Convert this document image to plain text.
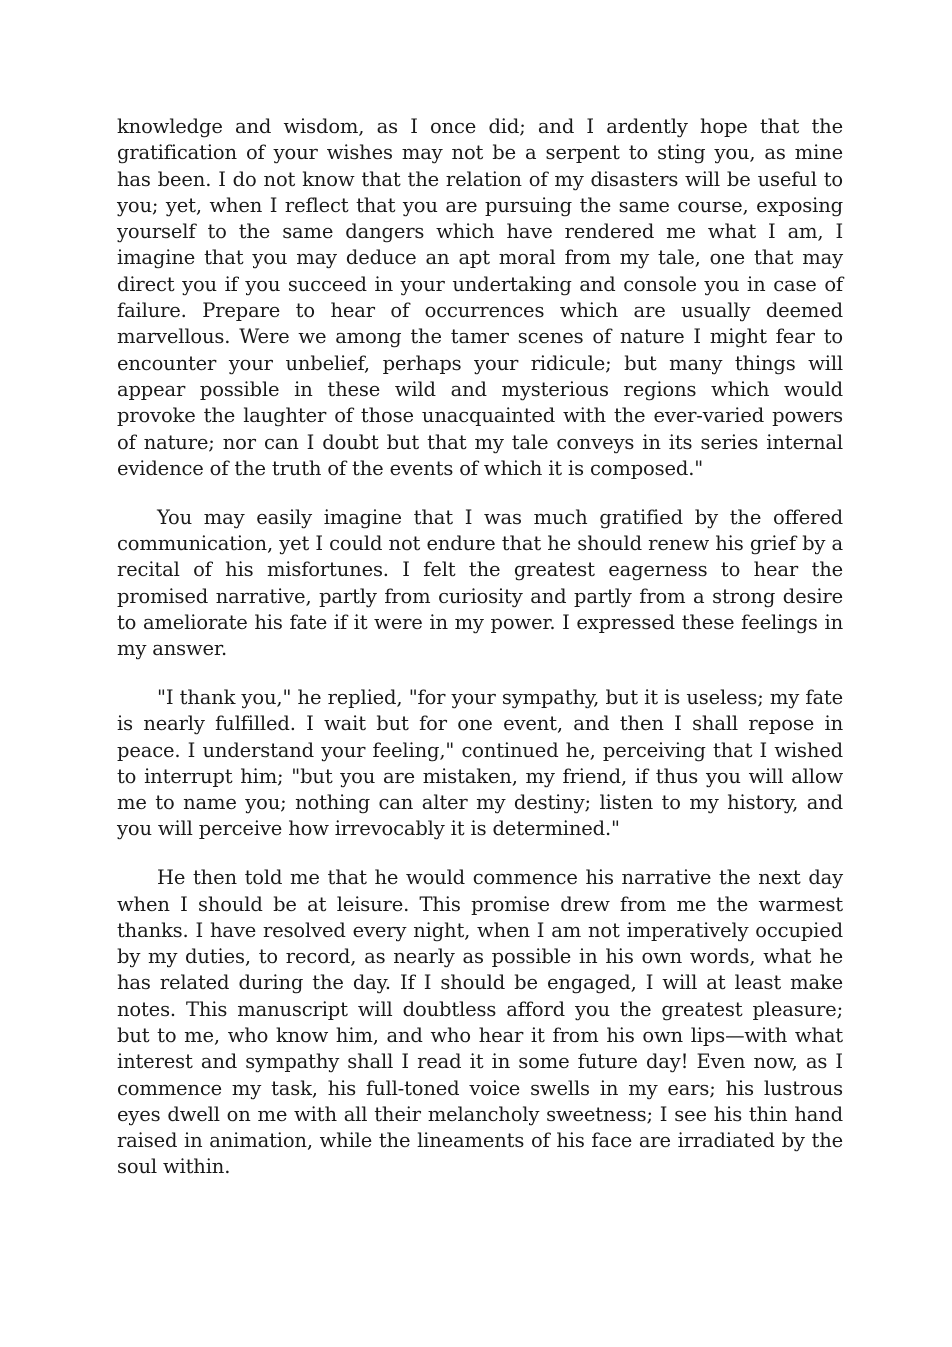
knowledge and wisdom, as I once did; and I ardently hope that the gratification of your wishes may not be a serpent to sting you, as mine has been. I do not know that the relation of my disasters will be useful to you; yet, when I reflect that you are pursuing the same course, exposing yourself to the same dangers which have rendered me what I am, I imagine that you may deduce an apt moral from my tale, one that may direct you if you succeed in your undertaking and console you in case of failure. Prepare to hear of occurrences which are usually deemed marvellous. Were we among the tamer scenes of nature I might fear to encounter your unbelief, perhaps your ridicule; but many things will appear possible in these wild and mysterious regions which would provoke the laughter of those unacquainted with the ever-varied powers of nature; nor can I doubt but that my tale conveys in its series internal evidence of the truth of the events of which it is composed."

You may easily imagine that I was much gratified by the offered communication, yet I could not endure that he should renew his grief by a recital of his misfortunes. I felt the greatest eagerness to hear the promised narrative, partly from curiosity and partly from a strong desire to ameliorate his fate if it were in my power. I expressed these feelings in my answer.

"I thank you," he replied, "for your sympathy, but it is useless; my fate is nearly fulfilled. I wait but for one event, and then I shall repose in peace. I understand your feeling," continued he, perceiving that I wished to interrupt him; "but you are mistaken, my friend, if thus you will allow me to name you; nothing can alter my destiny; listen to my history, and you will perceive how irrevocably it is determined."

He then told me that he would commence his narrative the next day when I should be at leisure. This promise drew from me the warmest thanks. I have resolved every night, when I am not imperatively occupied by my duties, to record, as nearly as possible in his own words, what he has related during the day. If I should be engaged, I will at least make notes. This manuscript will doubtless afford you the greatest pleasure; but to me, who know him, and who hear it from his own lips—with what interest and sympathy shall I read it in some future day! Even now, as I commence my task, his full-toned voice swells in my ears; his lustrous eyes dwell on me with all their melancholy sweetness; I see his thin hand raised in animation, while the lineaments of his face are irradiated by the soul within.
